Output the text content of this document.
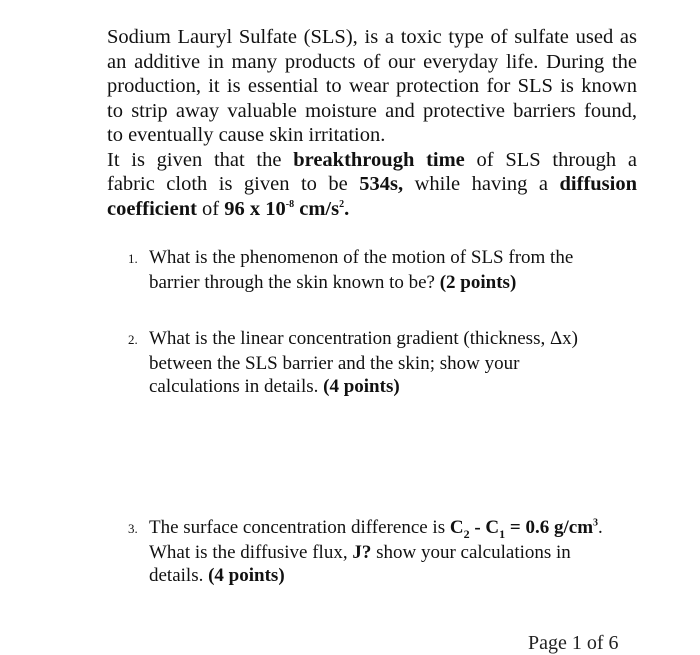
Sodium Lauryl Sulfate (SLS), is a toxic type of sulfate used as
an additive in many products of our everyday life. During the
production, it is essential to wear protection for SLS is known
to strip away valuable moisture and protective barriers found,
to eventually cause skin irritation.

It is given that the breakthrough time of SLS through a
fabric cloth is given to be 534s, while having a diffusion
coefficient of 96 x $10^{-8}$ $cm/s^2$.

1. What is the phenomenon of the motion of SLS from the
barrier through the skin known to be? (2 points)
2. What is the linear concentration gradient (thickness, Δx)
between the SLS barrier and the skin; show your
calculations in details. (4 points)
3. The surface concentration difference is $C_2 - C_1 = 0.6$ $g/cm^3$.
What is the diffusive flux, J? show your calculations in
details. (4 points)
Page 1 of 6
